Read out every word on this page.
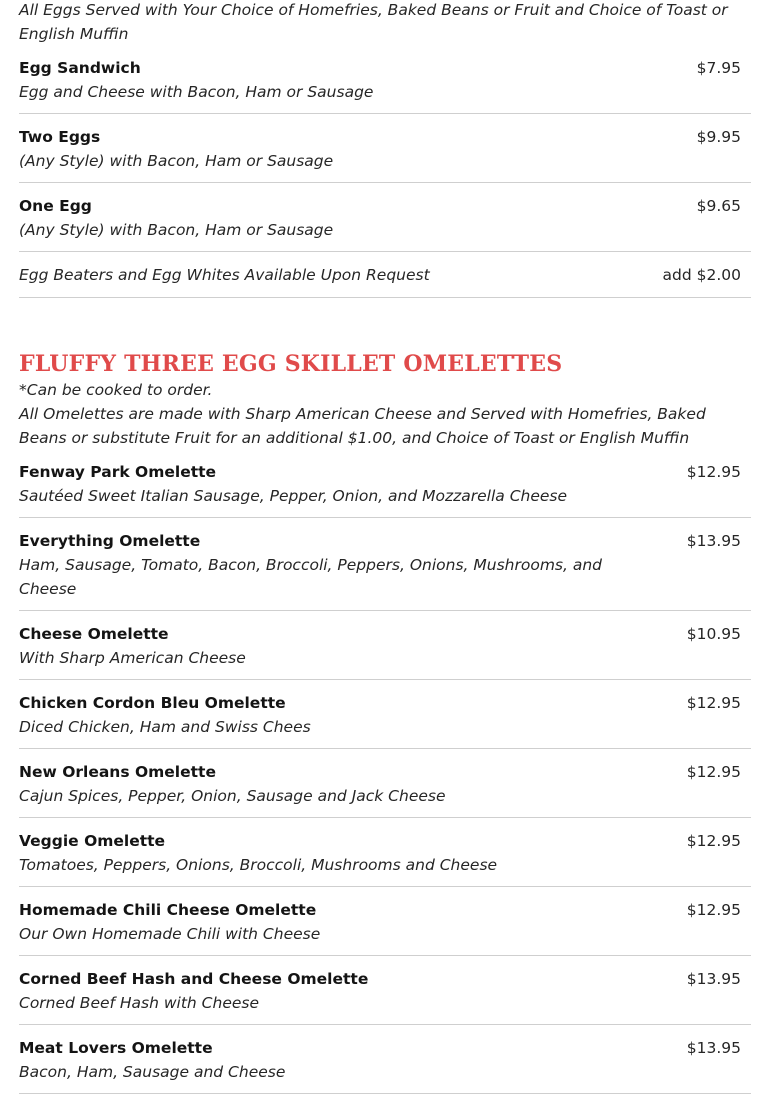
All Eggs Served with Your Choice of Homefries, Baked Beans or Fruit and Choice of Toast or English Muffin

Egg Sandwich
Egg and Cheese with Bacon, Ham or Sausage
$7.95
Two Eggs
(Any Style) with Bacon, Ham or Sausage
$9.95
One Egg
(Any Style) with Bacon, Ham or Sausage
$9.65
Egg Beaters and Egg Whites Available Upon Request	add $2.00
FLUFFY THREE EGG SKILLET OMELETTES

*Can be cooked to order.

All Omelettes are made with Sharp American Cheese and Served with Homefries, Baked Beans or substitute Fruit for an additional $1.00, and Choice of Toast or English Muffin

Fenway Park Omelette
Sautéed Sweet Italian Sausage, Pepper, Onion, and Mozzarella Cheese
$12.95
Everything Omelette
Ham, Sausage, Tomato, Bacon, Broccoli, Peppers, Onions, Mushrooms, and Cheese
$13.95
Cheese Omelette
With Sharp American Cheese
$10.95
Chicken Cordon Bleu Omelette
Diced Chicken, Ham and Swiss Chees
$12.95
New Orleans Omelette
Cajun Spices, Pepper, Onion, Sausage and Jack Cheese
$12.95
Veggie Omelette
Tomatoes, Peppers, Onions, Broccoli, Mushrooms and Cheese
$12.95
Homemade Chili Cheese Omelette
Our Own Homemade Chili with Cheese
$12.95
Corned Beef Hash and Cheese Omelette
Corned Beef Hash with Cheese
$13.95
Meat Lovers Omelette
Bacon, Ham, Sausage and Cheese
$13.95
